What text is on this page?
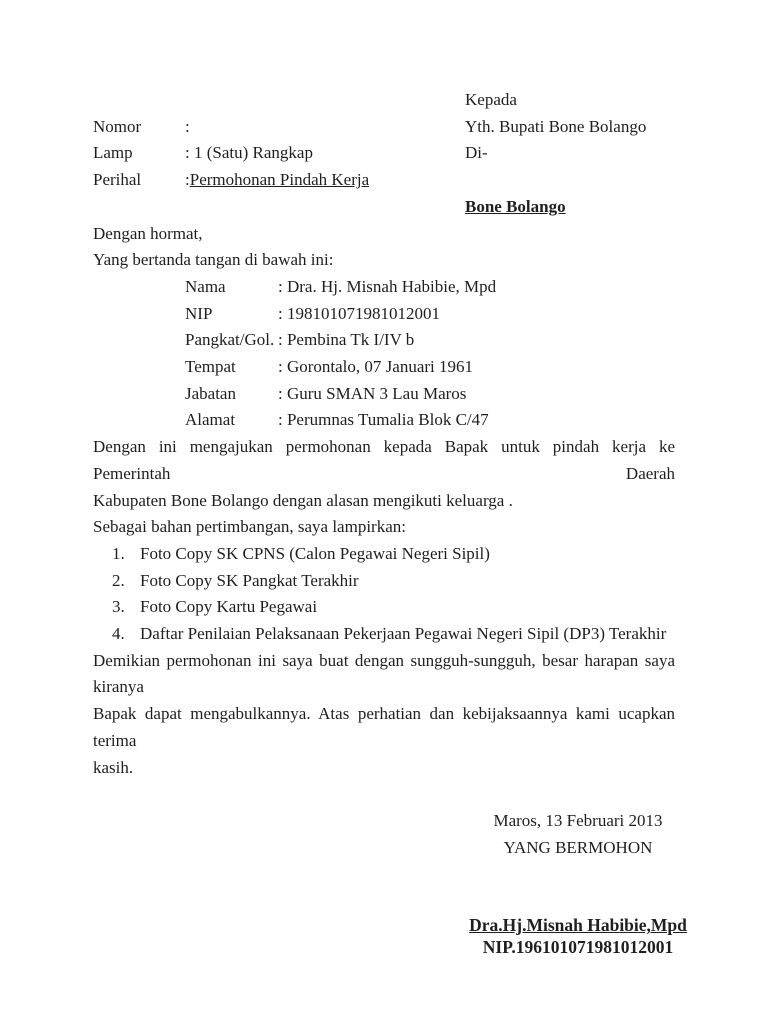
Nomor	:
Lamp	: 1 (Satu) Rangkap
Perihal	: Permohonan Pindah Kerja
Kepada
Yth. Bupati Bone Bolango
Di-
Bone Bolango
Dengan hormat,
Yang bertanda tangan di bawah ini:
Nama	: Dra. Hj. Misnah Habibie, Mpd
NIP	: 198101071981012001
Pangkat/Gol. : Pembina Tk I/IV b
Tempat	: Gorontalo, 07 Januari 1961
Jabatan	: Guru SMAN 3 Lau Maros
Alamat	: Perumnas Tumalia Blok C/47
Dengan ini mengajukan permohonan kepada Bapak untuk pindah kerja ke Pemerintah Daerah
Kabupaten Bone Bolango dengan alasan mengikuti keluarga .
Sebagai bahan pertimbangan, saya lampirkan:
1. Foto Copy SK CPNS (Calon Pegawai Negeri Sipil)
2. Foto Copy SK Pangkat Terakhir
3. Foto Copy Kartu Pegawai
4. Daftar Penilaian Pelaksanaan Pekerjaan Pegawai Negeri Sipil (DP3) Terakhir
Demikian permohonan ini saya buat dengan sungguh-sungguh, besar harapan saya kiranya
Bapak dapat mengabulkannya. Atas perhatian dan kebijaksaannya kami ucapkan terima
kasih.
Maros, 13 Februari 2013
YANG BERMOHON
Dra.Hj.Misnah Habibie,Mpd
NIP.196101071981012001
